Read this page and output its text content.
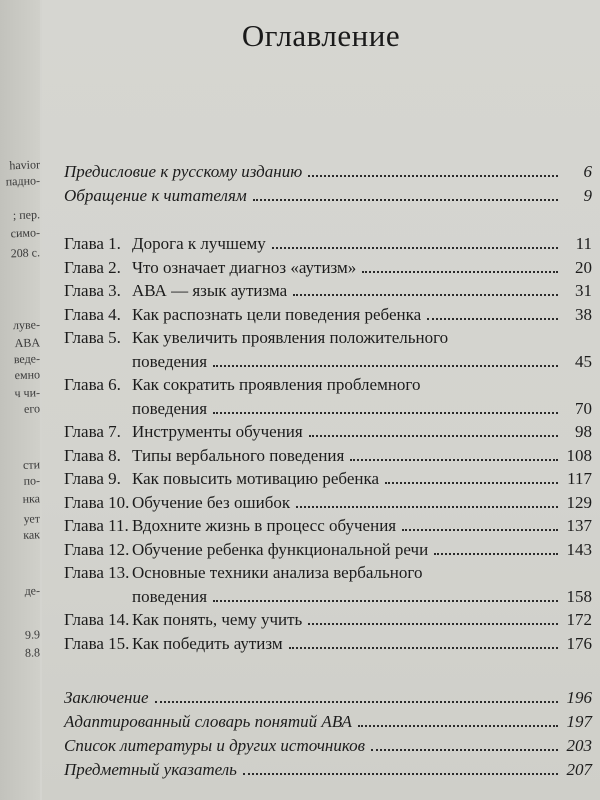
havior
падно-
; пер.
симо-
208 с.
лувe-
ABA
веде-
емно
ч чи-
его
сти
по-
нка
ует
как
де-
9.9
8.8
Оглавление
Предисловие к русскому изданию	6
Обращение к читателям	9
Глава 1. Дорога к лучшему	11
Глава 2. Что означает диагноз «аутизм»	20
Глава 3. АВА — язык аутизма	31
Глава 4. Как распознать цели поведения ребенка	38
Глава 5. Как увеличить проявления положительного
поведения	45
Глава 6. Как сократить проявления проблемного
поведения	70
Глава 7. Инструменты обучения	98
Глава 8. Типы вербального поведения	108
Глава 9. Как повысить мотивацию ребенка	117
Глава 10. Обучение без ошибок	129
Глава 11. Вдохните жизнь в процесс обучения	137
Глава 12. Обучение ребенка функциональной речи	143
Глава 13. Основные техники анализа вербального
поведения	158
Глава 14. Как понять, чему учить	172
Глава 15. Как победить аутизм	176
Заключение	196
Адаптированный словарь понятий АВА	197
Список литературы и других источников	203
Предметный указатель	207
